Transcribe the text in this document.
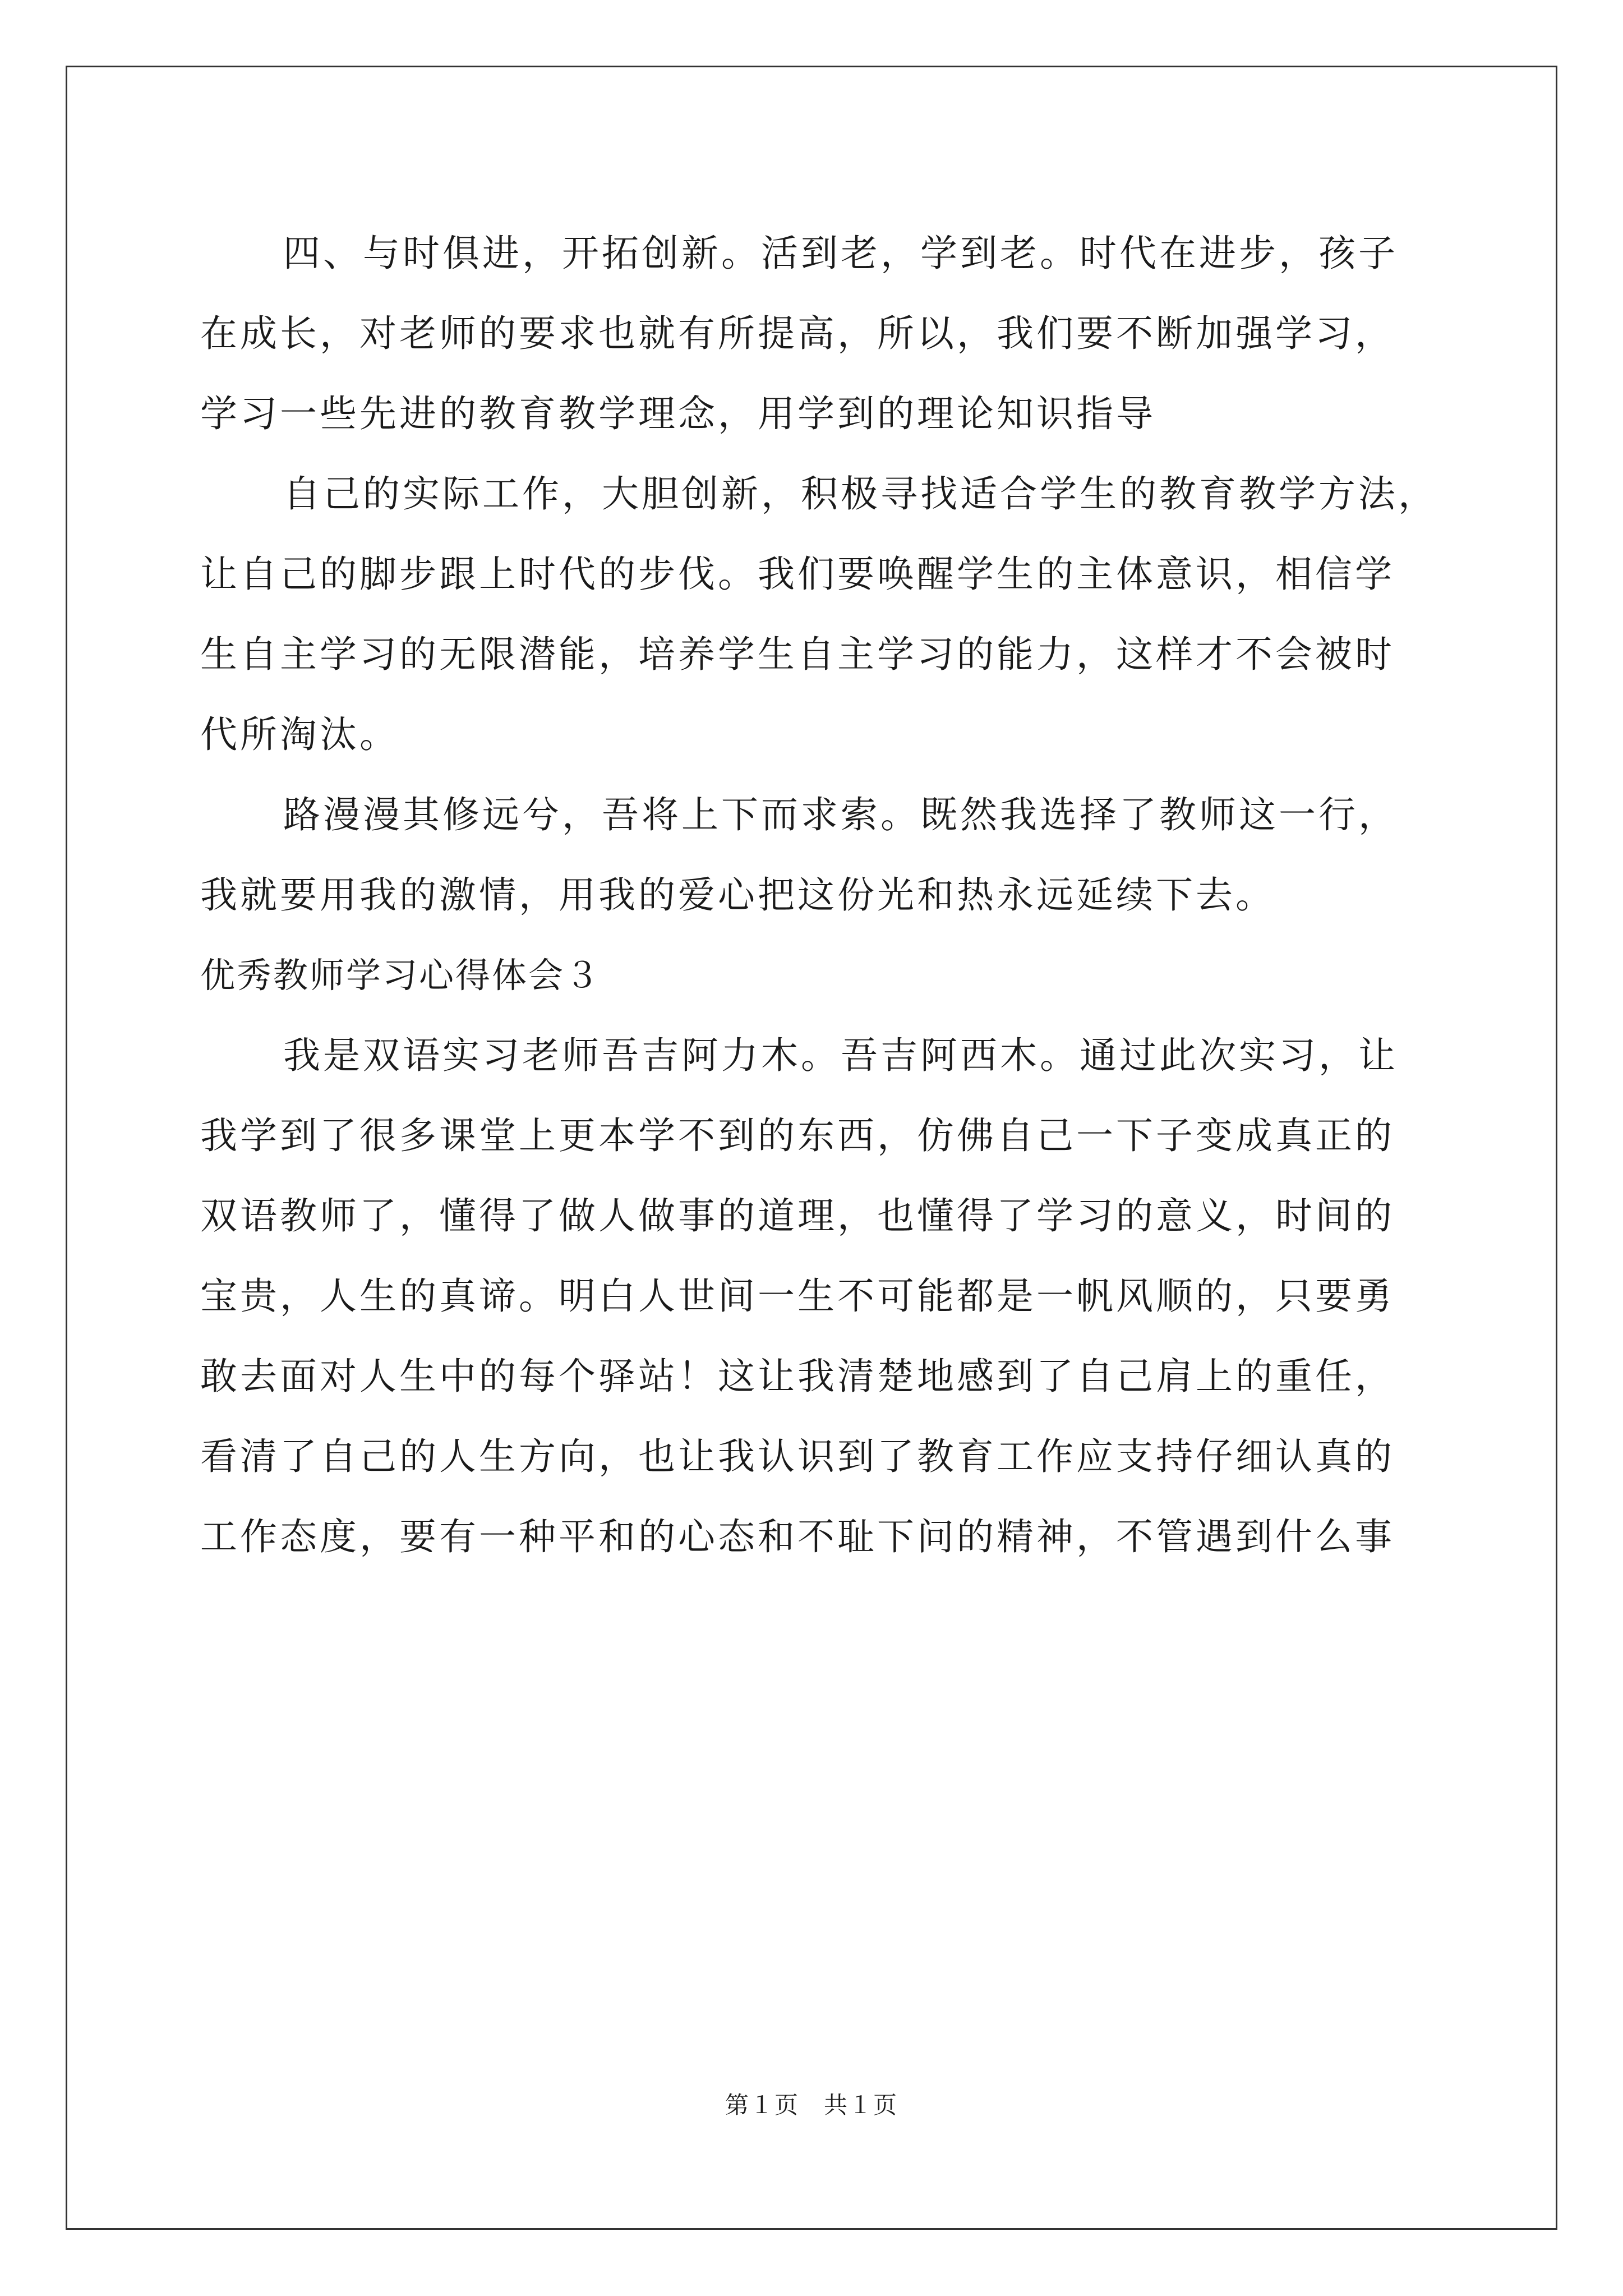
四、与时俱进，开拓创新。活到老，学到老。时代在进步，孩子
在成长，对老师的要求也就有所提高，所以，我们要不断加强学习，
学习一些先进的教育教学理念，用学到的理论知识指导
自己的实际工作，大胆创新，积极寻找适合学生的教育教学方法，
让自己的脚步跟上时代的步伐。我们要唤醒学生的主体意识，相信学
生自主学习的无限潜能，培养学生自主学习的能力，这样才不会被时
代所淘汰。
路漫漫其修远兮，吾将上下而求索。既然我选择了教师这一行，
我就要用我的激情，用我的爱心把这份光和热永远延续下去。
优秀教师学习心得体会３
我是双语实习老师吾吉阿力木。吾吉阿西木。通过此次实习，让
我学到了很多课堂上更本学不到的东西，仿佛自己一下子变成真正的
双语教师了，懂得了做人做事的道理，也懂得了学习的意义，时间的
宝贵，人生的真谛。明白人世间一生不可能都是一帆风顺的，只要勇
敢去面对人生中的每个驿站！这让我清楚地感到了自己肩上的重任，
看清了自己的人生方向，也让我认识到了教育工作应支持仔细认真的
工作态度，要有一种平和的心态和不耻下问的精神，不管遇到什么事
第１页　共１页
